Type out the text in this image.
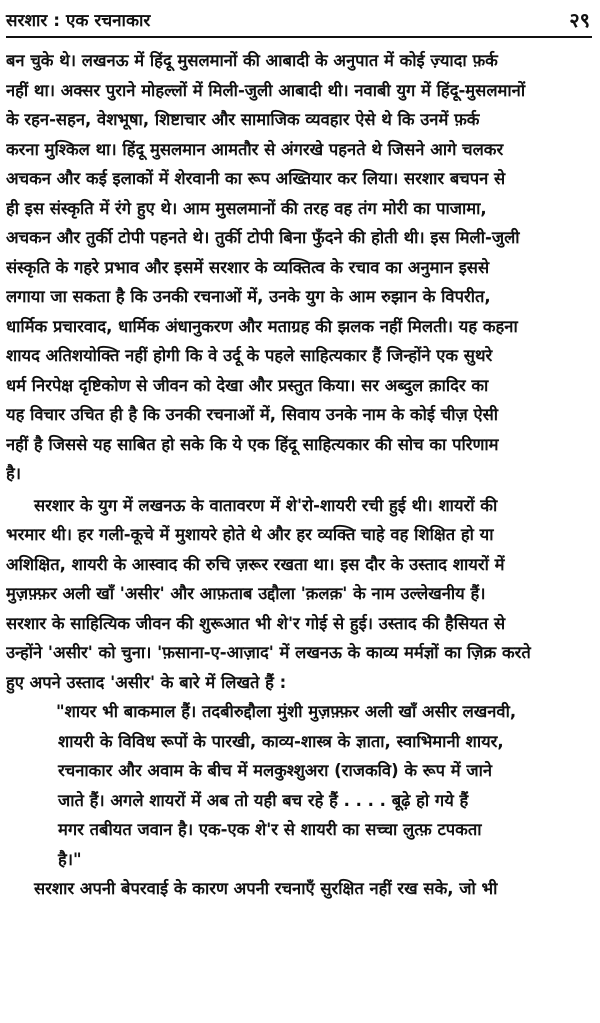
सरशार : एक रचनाकार	२९
बन चुके थे। लखनऊ में हिंदू मुसलमानों की आबादी के अनुपात में कोई ज़्यादा फ़र्क
नहीं था। अक्सर पुराने मोहल्लों में मिली-जुली आबादी थी। नवाबी युग में हिंदू-मुसलमानों
के रहन-सहन, वेशभूषा, शिष्टाचार और सामाजिक व्यवहार ऐसे थे कि उनमें फ़र्क
करना मुश्किल था। हिंदू मुसलमान आमतौर से अंगरखे पहनते थे जिसने आगे चलकर
अचकन और कई इलाकों में शेरवानी का रूप अख्तियार कर लिया। सरशार बचपन से
ही इस संस्कृति में रंगे हुए थे। आम मुसलमानों की तरह वह तंग मोरी का पाजामा,
अचकन और तुर्की टोपी पहनते थे। तुर्की टोपी बिना फुँदने की होती थी। इस मिली-जुली
संस्कृति के गहरे प्रभाव और इसमें सरशार के व्यक्तित्व के रचाव का अनुमान इससे
लगाया जा सकता है कि उनकी रचनाओं में, उनके युग के आम रुझान के विपरीत,
धार्मिक प्रचारवाद, धार्मिक अंधानुकरण और मताग्रह की झलक नहीं मिलती। यह कहना
शायद अतिशयोक्ति नहीं होगी कि वे उर्दू के पहले साहित्यकार हैं जिन्होंने एक सुथरे
धर्म निरपेक्ष दृष्टिकोण से जीवन को देखा और प्रस्तुत किया। सर अब्दुल क़ादिर का
यह विचार उचित ही है कि उनकी रचनाओं में, सिवाय उनके नाम के कोई चीज़ ऐसी
नहीं है जिससे यह साबित हो सके कि ये एक हिंदू साहित्यकार की सोच का परिणाम
है।
सरशार के युग में लखनऊ के वातावरण में शे'रो-शायरी रची हुई थी। शायरों की
भरमार थी। हर गली-कूचे में मुशायरे होते थे और हर व्यक्ति चाहे वह शिक्षित हो या
अशिक्षित, शायरी के आस्वाद की रुचि ज़रूर रखता था। इस दौर के उस्ताद शायरों में
मुज़फ़्फ़र अली खाँ 'असीर' और आफ़ताब उद्दौला 'क़लक़' के नाम उल्लेखनीय हैं।
सरशार के साहित्यिक जीवन की शुरूआत भी शे'र गोई से हुई। उस्ताद की हैसियत से
उन्होंने 'असीर' को चुना। 'फ़साना-ए-आज़ाद' में लखनऊ के काव्य मर्मज्ञों का ज़िक्र करते
हुए अपने उस्ताद 'असीर' के बारे में लिखते हैं :
"शायर भी बाकमाल हैं। तदबीरुद्दौला मुंशी मुज़फ़्फ़र अली खाँ असीर लखनवी,
शायरी के विविध रूपों के पारखी, काव्य-शास्त्र के ज्ञाता, स्वाभिमानी शायर,
रचनाकार और अवाम के बीच में मलकुश्शुअरा (राजकवि) के रूप में जाने
जाते हैं। अगले शायरों में अब तो यही बच रहे हैं . . . . बूढ़े हो गये हैं
मगर तबीयत जवान है। एक-एक शे'र से शायरी का सच्चा लुत्फ़ टपकता
है।"
सरशार अपनी बेपरवाई के कारण अपनी रचनाएँ सुरक्षित नहीं रख सके, जो भी
